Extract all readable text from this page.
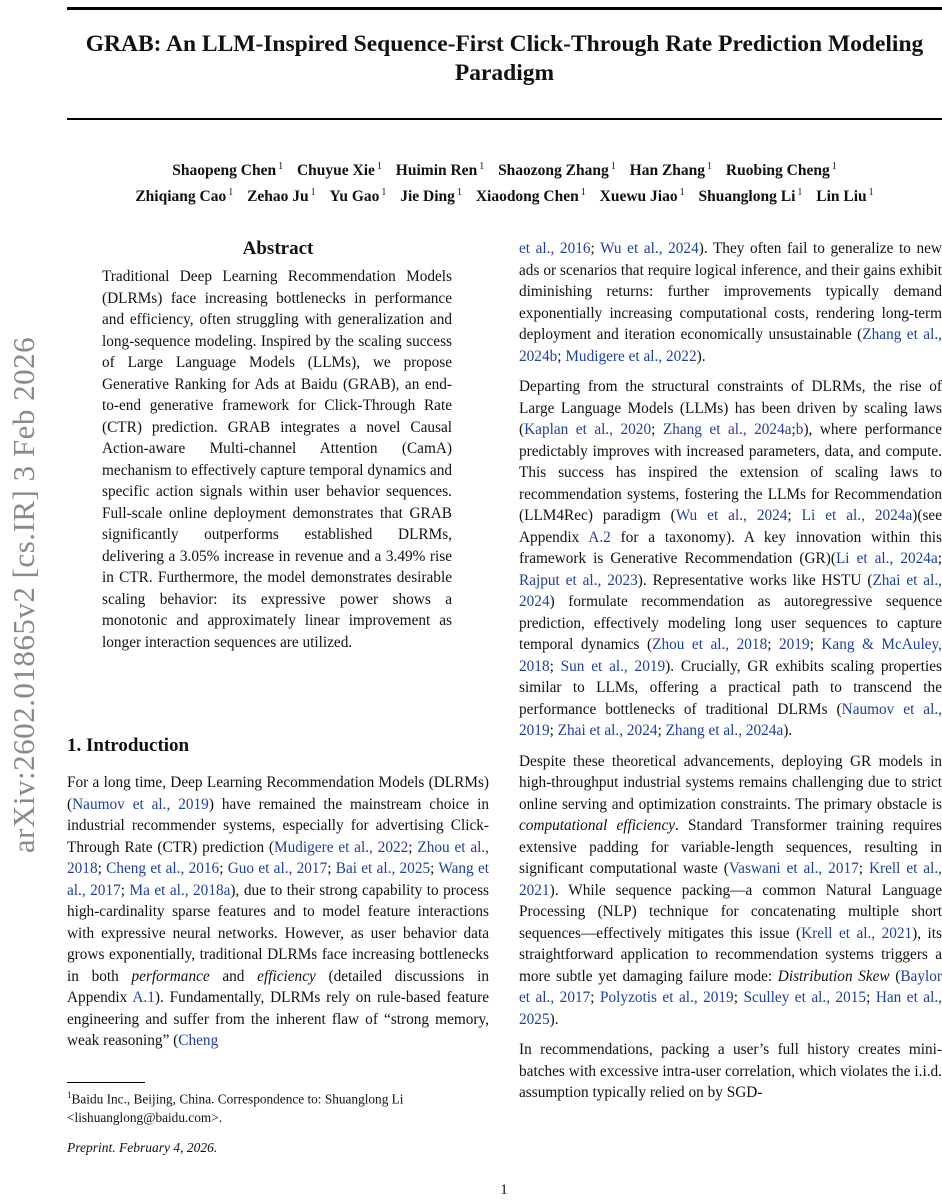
arXiv:2602.01865v2 [cs.IR] 3 Feb 2026
GRAB: An LLM-Inspired Sequence-First Click-Through Rate Prediction Modeling Paradigm
Shaopeng Chen $^1$ Chuyue Xie $^1$ Huimin Ren $^1$ Shaozong Zhang $^1$ Han Zhang $^1$ Ruobing Cheng $^1$
Zhiqiang Cao $^1$ Zehao Ju $^1$ Yu Gao $^1$ Jie Ding $^1$ Xiaodong Chen $^1$ Xuewu Jiao $^1$ Shuanglong Li $^1$ Lin Liu $^1$
Abstract
Traditional Deep Learning Recommendation Models (DLRMs) face increasing bottlenecks in performance and efficiency, often struggling with generalization and long-sequence modeling. Inspired by the scaling success of Large Language Models (LLMs), we propose Generative Ranking for Ads at Baidu (GRAB), an end-to-end generative framework for Click-Through Rate (CTR) prediction. GRAB integrates a novel Causal Action-aware Multi-channel Attention (CamA) mechanism to effectively capture temporal dynamics and specific action signals within user behavior sequences. Full-scale online deployment demonstrates that GRAB significantly outperforms established DLRMs, delivering a 3.05% increase in revenue and a 3.49% rise in CTR. Furthermore, the model demonstrates desirable scaling behavior: its expressive power shows a monotonic and approximately linear improvement as longer interaction sequences are utilized.
1. Introduction
For a long time, Deep Learning Recommendation Models (DLRMs) (Naumov et al., 2019) have remained the mainstream choice in industrial recommender systems, especially for advertising Click-Through Rate (CTR) prediction (Mudigere et al., 2022; Zhou et al., 2018; Cheng et al., 2016; Guo et al., 2017; Bai et al., 2025; Wang et al., 2017; Ma et al., 2018a), due to their strong capability to process high-cardinality sparse features and to model feature interactions with expressive neural networks. However, as user behavior data grows exponentially, traditional DLRMs face increasing bottlenecks in both performance and efficiency (detailed discussions in Appendix A.1). Fundamentally, DLRMs rely on rule-based feature engineering and suffer from the inherent flaw of “strong memory, weak reasoning” (Cheng
$^1$Baidu Inc., Beijing, China. Correspondence to: Shuanglong Li <lishuanglong@baidu.com>.
Preprint. February 4, 2026.

et al., 2016; Wu et al., 2024). They often fail to generalize to new ads or scenarios that require logical inference, and their gains exhibit diminishing returns: further improvements typically demand exponentially increasing computational costs, rendering long-term deployment and iteration economically unsustainable (Zhang et al., 2024b; Mudigere et al., 2022).

Departing from the structural constraints of DLRMs, the rise of Large Language Models (LLMs) has been driven by scaling laws (Kaplan et al., 2020; Zhang et al., 2024a;b), where performance predictably improves with increased parameters, data, and compute. This success has inspired the extension of scaling laws to recommendation systems, fostering the LLMs for Recommendation (LLM4Rec) paradigm (Wu et al., 2024; Li et al., 2024a)(see Appendix A.2 for a taxonomy). A key innovation within this framework is Generative Recommendation (GR)(Li et al., 2024a; Rajput et al., 2023). Representative works like HSTU (Zhai et al., 2024) formulate recommendation as autoregressive sequence prediction, effectively modeling long user sequences to capture temporal dynamics (Zhou et al., 2018; 2019; Kang & McAuley, 2018; Sun et al., 2019). Crucially, GR exhibits scaling properties similar to LLMs, offering a practical path to transcend the performance bottlenecks of traditional DLRMs (Naumov et al., 2019; Zhai et al., 2024; Zhang et al., 2024a).

Despite these theoretical advancements, deploying GR models in high-throughput industrial systems remains challenging due to strict online serving and optimization constraints. The primary obstacle is computational efficiency. Standard Transformer training requires extensive padding for variable-length sequences, resulting in significant computational waste (Vaswani et al., 2017; Krell et al., 2021). While sequence packing—a common Natural Language Processing (NLP) technique for concatenating multiple short sequences—effectively mitigates this issue (Krell et al., 2021), its straightforward application to recommendation systems triggers a more subtle yet damaging failure mode: Distribution Skew (Baylor et al., 2017; Polyzotis et al., 2019; Sculley et al., 2015; Han et al., 2025).

In recommendations, packing a user’s full history creates mini-batches with excessive intra-user correlation, which violates the i.i.d. assumption typically relied on by SGD-

1
